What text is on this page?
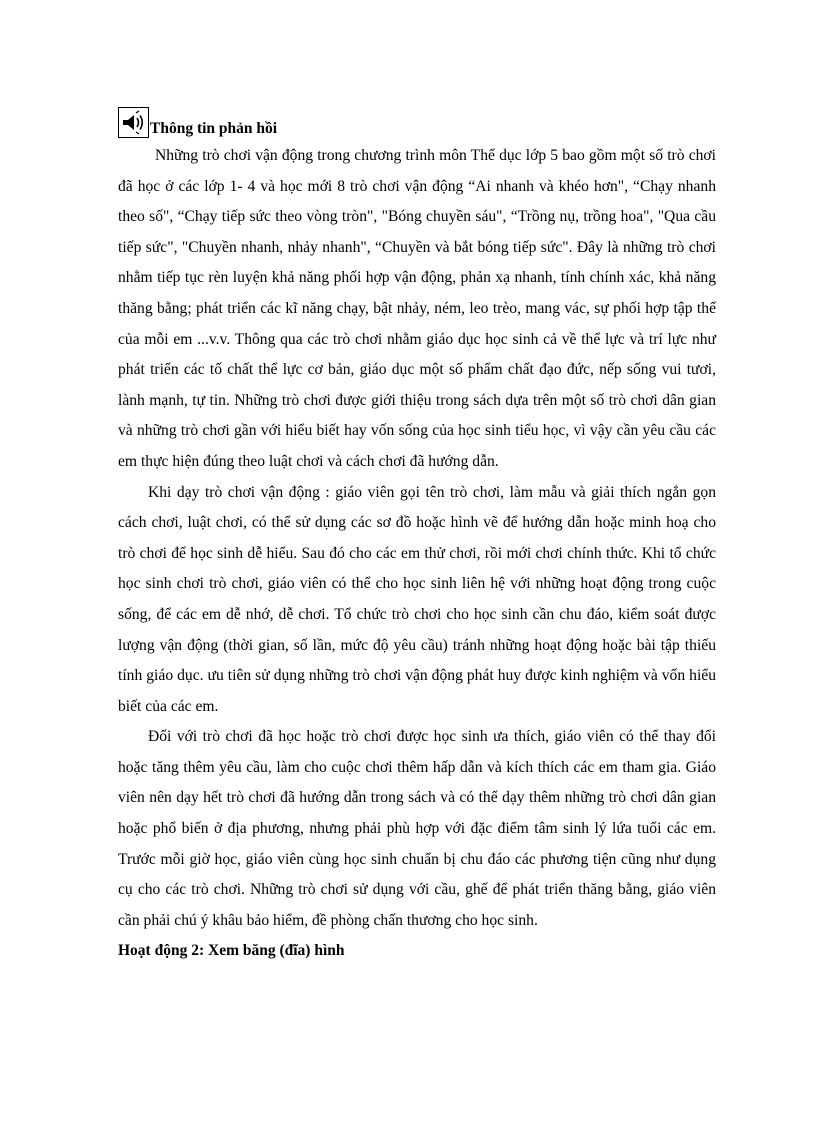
Thông tin phản hồi

Những trò chơi vận động trong chương trình môn Thể dục lớp 5 bao gồm một số trò chơi đã học ở các lớp 1- 4 và học mới 8 trò chơi vận động “Ai nhanh và khéo hơn", “Chạy nhanh theo số", “Chạy tiếp sức theo vòng tròn", "Bóng chuyền sáu", “Trồng nụ, trồng hoa", "Qua cầu tiếp sức", "Chuyền nhanh, nhảy nhanh", “Chuyền và bắt bóng tiếp sức". Đây là những trò chơi nhằm tiếp tục rèn luyện khả năng phối hợp vận động, phản xạ nhanh, tính chính xác, khả năng thăng bằng; phát triển các kĩ năng chạy, bật nhảy, ném, leo trèo, mang vác, sự phối hợp tập thể của mỗi em ...v.v. Thông qua các trò chơi nhằm giáo dục học sinh cả về thể lực và trí lực như phát triển các tố chất thể lực cơ bản, giáo dục một số phẩm chất đạo đức, nếp sống vui tươi, lành mạnh, tự tin. Những trò chơi được giới thiệu trong sách dựa trên một số trò chơi dân gian và những trò chơi gần với hiểu biết hay vốn sống của học sinh tiểu học, vì vậy cần yêu cầu các em thực hiện đúng theo luật chơi và cách chơi đã hướng dẫn.

Khi dạy trò chơi vận động : giáo viên gọi tên trò chơi, làm mẫu và giải thích ngắn gọn cách chơi, luật chơi, có thể sử dụng các sơ đồ hoặc hình vẽ để hướng dẫn hoặc minh hoạ cho trò chơi để học sinh dễ hiểu. Sau đó cho các em thử chơi, rồi mới chơi chính thức. Khi tổ chức học sinh chơi trò chơi, giáo viên có thể cho học sinh liên hệ với những hoạt động trong cuộc sống, để các em dễ nhớ, dễ chơi. Tổ chức trò chơi cho học sinh cần chu đáo, kiểm soát được lượng vận động (thời gian, số lần, mức độ yêu cầu) tránh những hoạt động hoặc bài tập thiếu tính giáo dục. ưu tiên sử dụng những trò chơi vận động phát huy được kinh nghiệm và vốn hiểu biết của các em.

Đối với trò chơi đã học hoặc trò chơi được học sinh ưa thích, giáo viên có thể thay đổi hoặc tăng thêm yêu cầu, làm cho cuộc chơi thêm hấp dẫn và kích thích các em tham gia. Giáo viên nên dạy hết trò chơi đã hướng dẫn trong sách và có thể dạy thêm những trò chơi dân gian hoặc phổ biến ở địa phương, nhưng phải phù hợp với đặc điểm tâm sinh lý lứa tuổi các em. Trước mỗi giờ học, giáo viên cùng học sinh chuẩn bị chu đáo các phương tiện cũng như dụng cụ cho các trò chơi. Những trò chơi sử dụng với cầu, ghế để phát triển thăng bằng, giáo viên cần phải chú ý khâu bảo hiểm, đề phòng chấn thương cho học sinh.

Hoạt động 2: Xem băng (đĩa) hình
